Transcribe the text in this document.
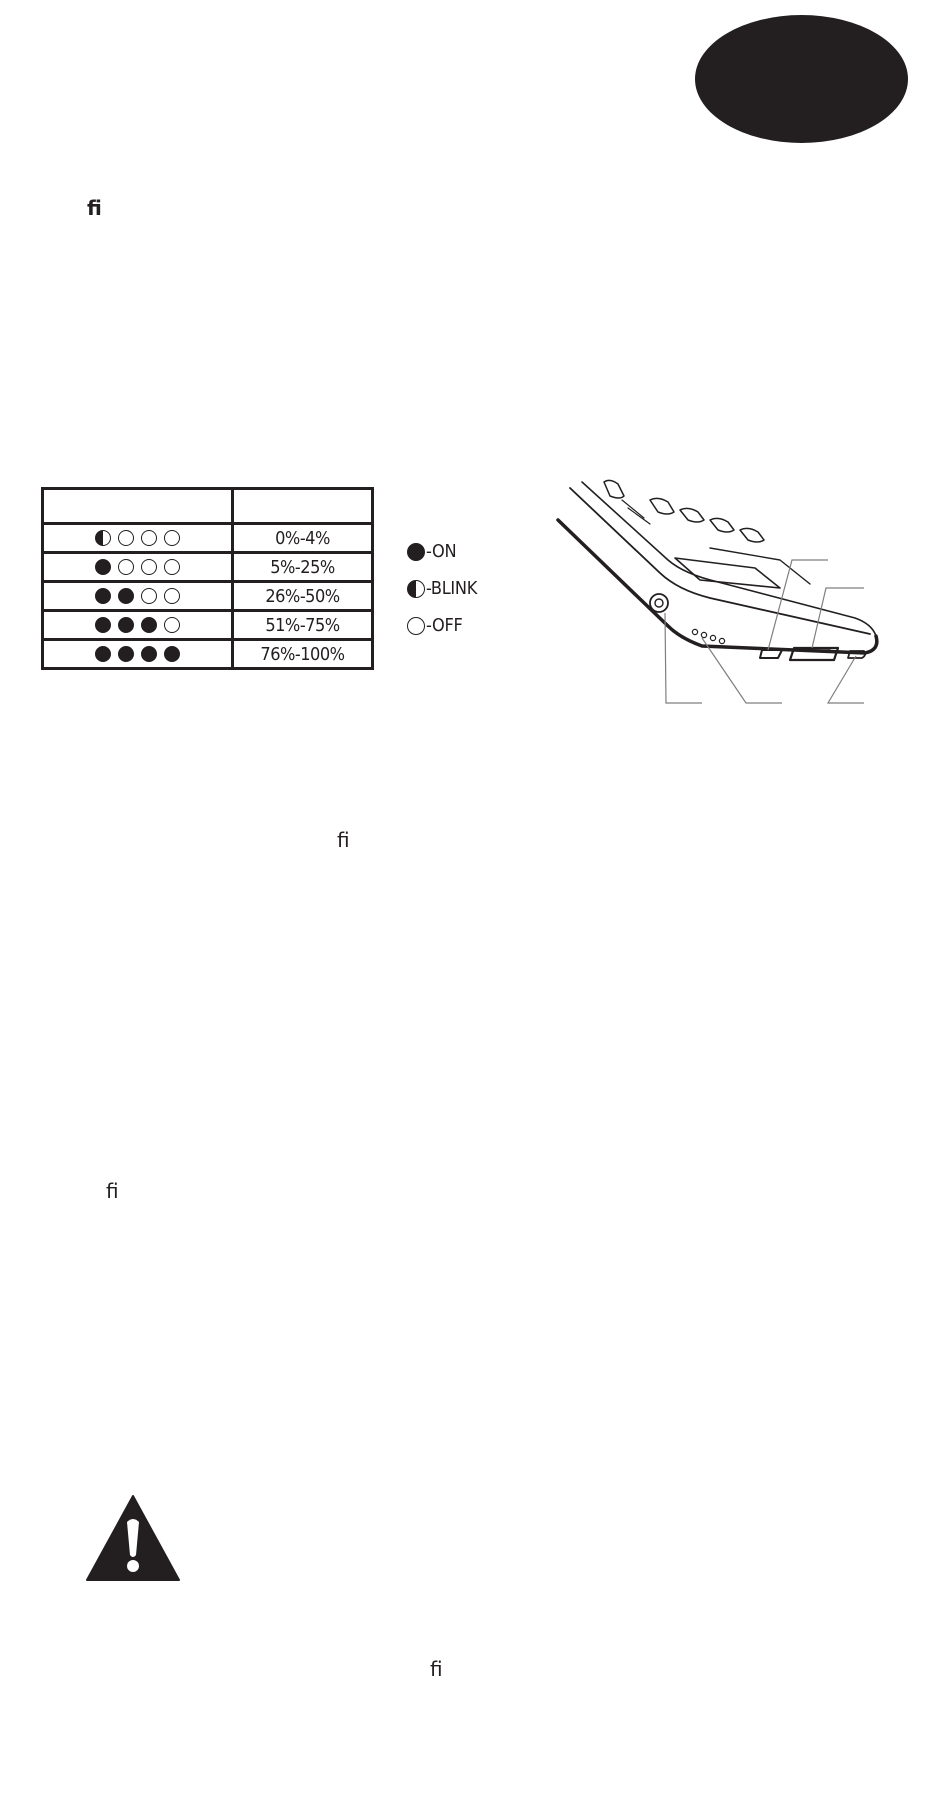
ﬁ

	0%-4%

	5%-25%

	26%-50%

	51%-75%

	76%-100%
-ON
-BLINK
-OFF
ﬁ
ﬁ
ﬁ
